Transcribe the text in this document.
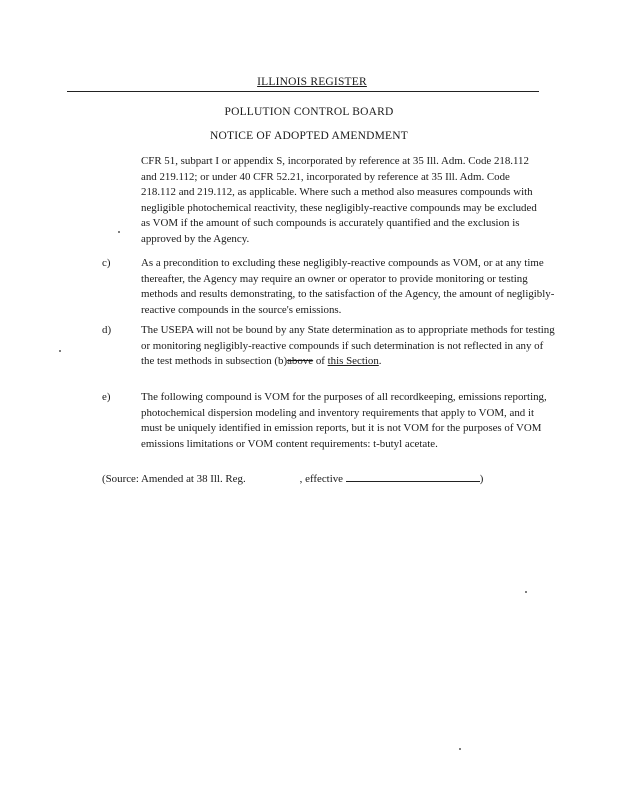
ILLINOIS REGISTER
POLLUTION CONTROL BOARD
NOTICE OF ADOPTED AMENDMENT
CFR 51, subpart I or appendix S, incorporated by reference at 35 Ill. Adm. Code 218.112 and 219.112; or under 40 CFR 52.21, incorporated by reference at 35 Ill. Adm. Code 218.112 and 219.112, as applicable. Where such a method also measures compounds with negligible photochemical reactivity, these negligibly-reactive compounds may be excluded as VOM if the amount of such compounds is accurately quantified and the exclusion is approved by the Agency.
c)	As a precondition to excluding these negligibly-reactive compounds as VOM, or at any time thereafter, the Agency may require an owner or operator to provide monitoring or testing methods and results demonstrating, to the satisfaction of the Agency, the amount of negligibly-reactive compounds in the source's emissions.
d)	The USEPA will not be bound by any State determination as to appropriate methods for testing or monitoring negligibly-reactive compounds if such determination is not reflected in any of the test methods in subsection (b)above of this Section.
e)	The following compound is VOM for the purposes of all recordkeeping, emissions reporting, photochemical dispersion modeling and inventory requirements that apply to VOM, and it must be uniquely identified in emission reports, but it is not VOM for the purposes of VOM emissions limitations or VOM content requirements: t-butyl acetate.
(Source: Amended at 38 Ill. Reg.	, effective	)
